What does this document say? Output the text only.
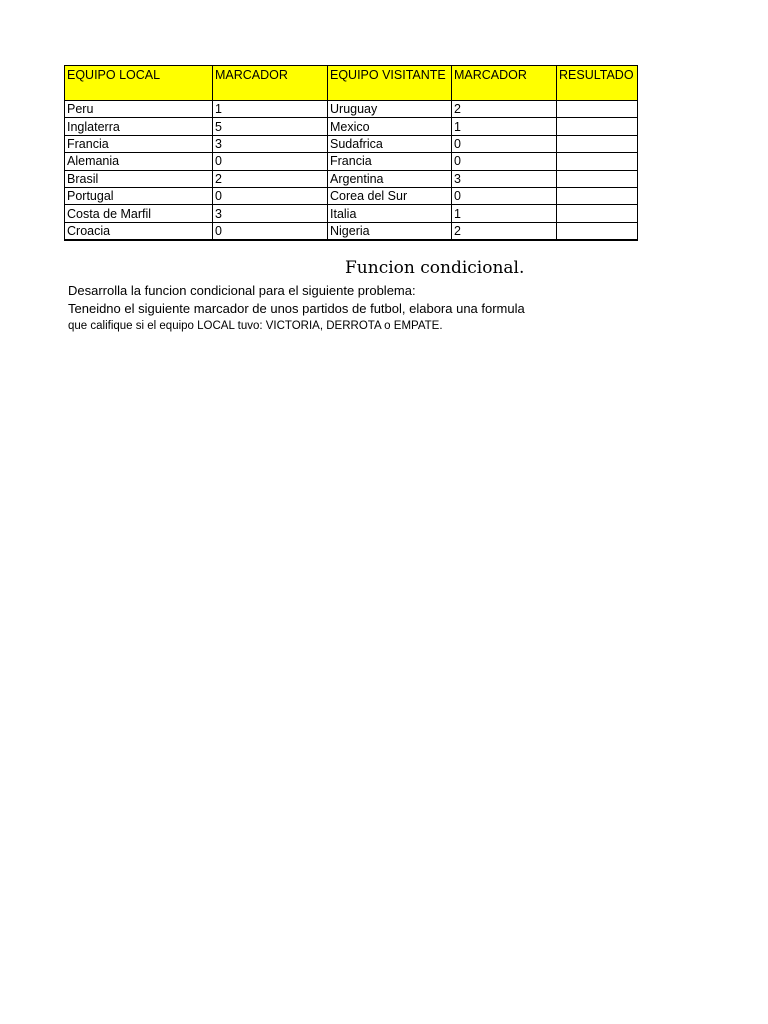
EQUIPO LOCAL	MARCADOR	EQUIPO VISITANTE	MARCADOR	RESULTADO
Peru	1	Uruguay	2	
Inglaterra	5	Mexico	1	
Francia	3	Sudafrica	0	
Alemania	0	Francia	0	
Brasil	2	Argentina	3	
Portugal	0	Corea del Sur	0	
Costa de Marfil	3	Italia	1	
Croacia	0	Nigeria	2	
Funcion condicional.

Desarrolla la funcion condicional para el siguiente problema:

Teneidno el siguiente marcador de unos partidos de futbol, elabora una formula

que califique si el equipo LOCAL tuvo: VICTORIA, DERROTA o EMPATE.
